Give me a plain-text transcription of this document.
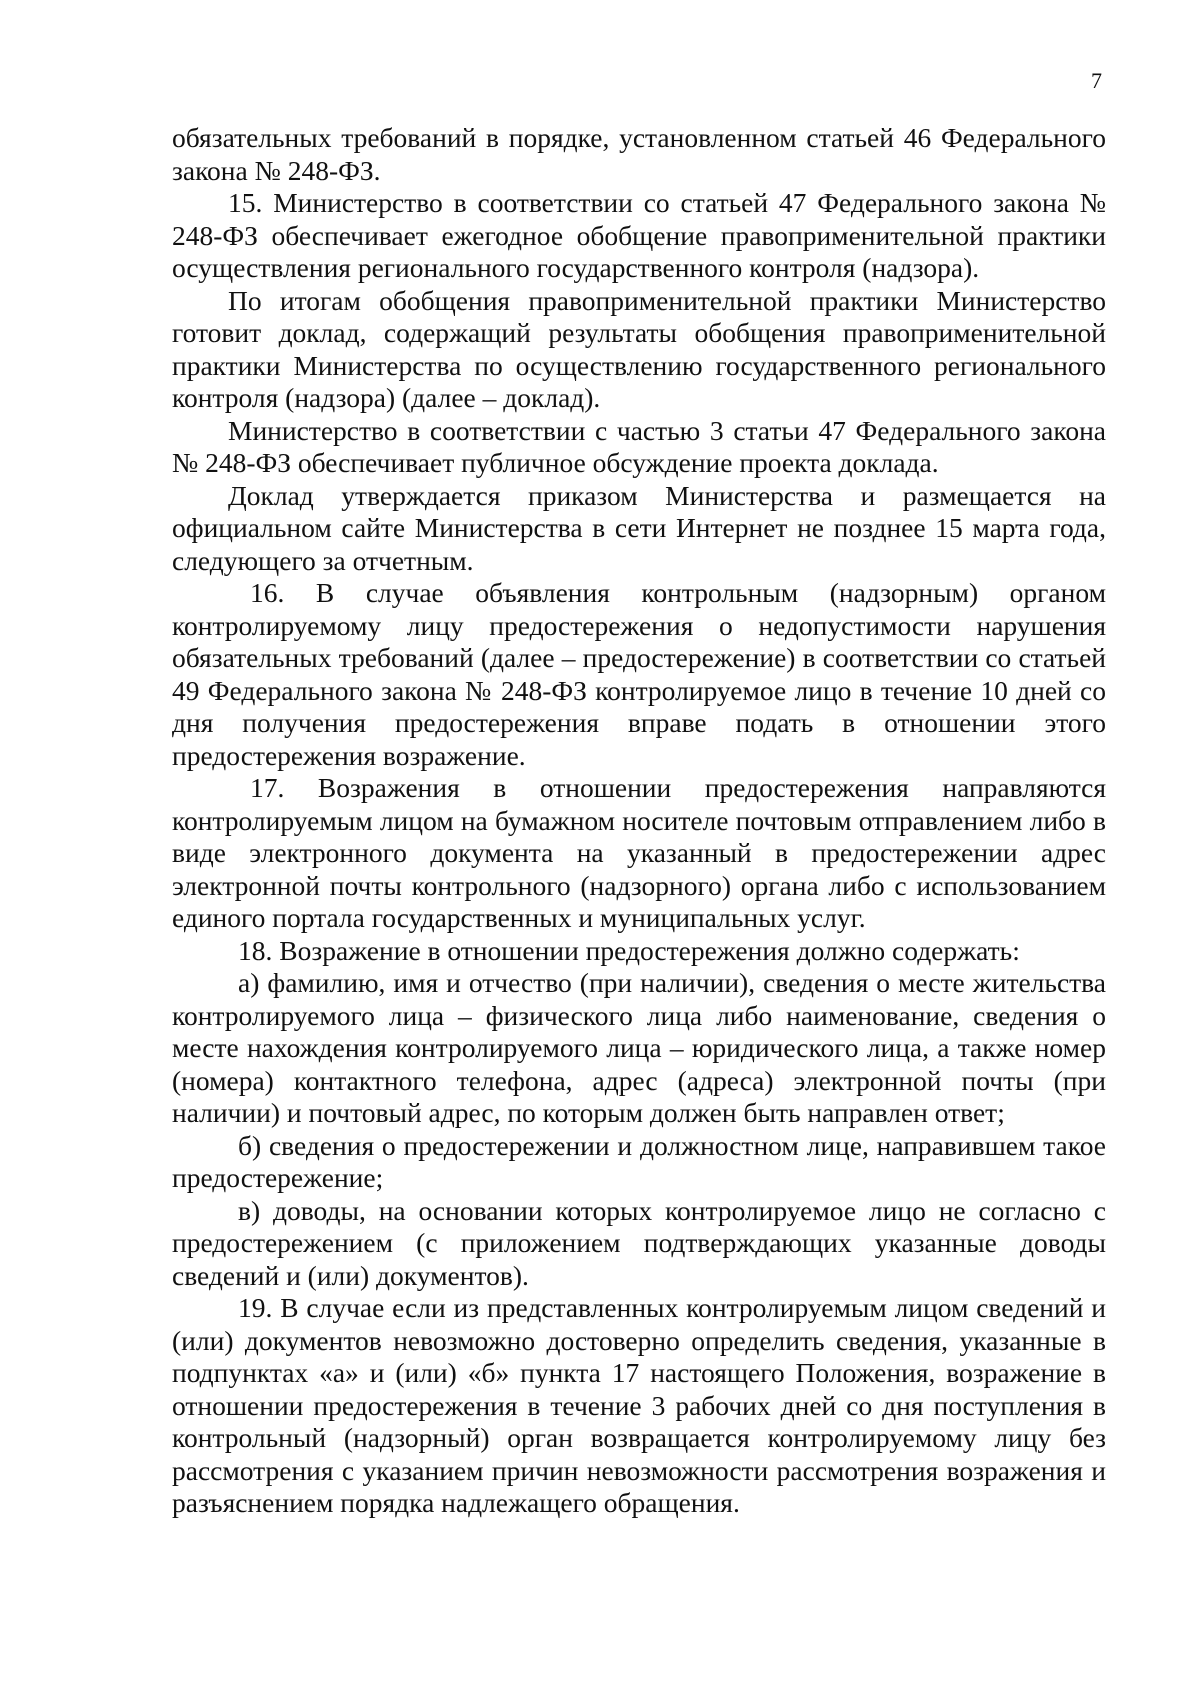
7

обязательных требований в порядке, установленном статьей 46 Федерального закона № 248-ФЗ.

15. Министерство в соответствии со статьей 47 Федерального закона № 248-ФЗ обеспечивает ежегодное обобщение правоприменительной практики осуществления регионального государственного контроля (надзора).

По итогам обобщения правоприменительной практики Министерство готовит доклад, содержащий результаты обобщения правоприменительной практики Министерства по осуществлению государственного регионального контроля (надзора) (далее – доклад).

Министерство в соответствии с частью 3 статьи 47 Федерального закона № 248-ФЗ обеспечивает публичное обсуждение проекта доклада.

Доклад утверждается приказом Министерства и размещается на официальном сайте Министерства в сети Интернет не позднее 15 марта года, следующего за отчетным.

16. В случае объявления контрольным (надзорным) органом контролируемому лицу предостережения о недопустимости нарушения обязательных требований (далее – предостережение) в соответствии со статьей 49 Федерального закона № 248-ФЗ контролируемое лицо в течение 10 дней со дня получения предостережения вправе подать в отношении этого предостережения возражение.

17. Возражения в отношении предостережения направляются контролируемым лицом на бумажном носителе почтовым отправлением либо в виде электронного документа на указанный в предостережении адрес электронной почты контрольного (надзорного) органа либо с использованием единого портала государственных и муниципальных услуг.

18. Возражение в отношении предостережения должно содержать:

а) фамилию, имя и отчество (при наличии), сведения о месте жительства контролируемого лица – физического лица либо наименование, сведения о месте нахождения контролируемого лица – юридического лица, а также номер (номера) контактного телефона, адрес (адреса) электронной почты (при наличии) и почтовый адрес, по которым должен быть направлен ответ;

б) сведения о предостережении и должностном лице, направившем такое предостережение;

в) доводы, на основании которых контролируемое лицо не согласно с предостережением (с приложением подтверждающих указанные доводы сведений и (или) документов).

19. В случае если из представленных контролируемым лицом сведений и (или) документов невозможно достоверно определить сведения, указанные в подпунктах «а» и (или) «б» пункта 17 настоящего Положения, возражение в отношении предостережения в течение 3 рабочих дней со дня поступления в контрольный (надзорный) орган возвращается контролируемому лицу без рассмотрения с указанием причин невозможности рассмотрения возражения и разъяснением порядка надлежащего обращения.
